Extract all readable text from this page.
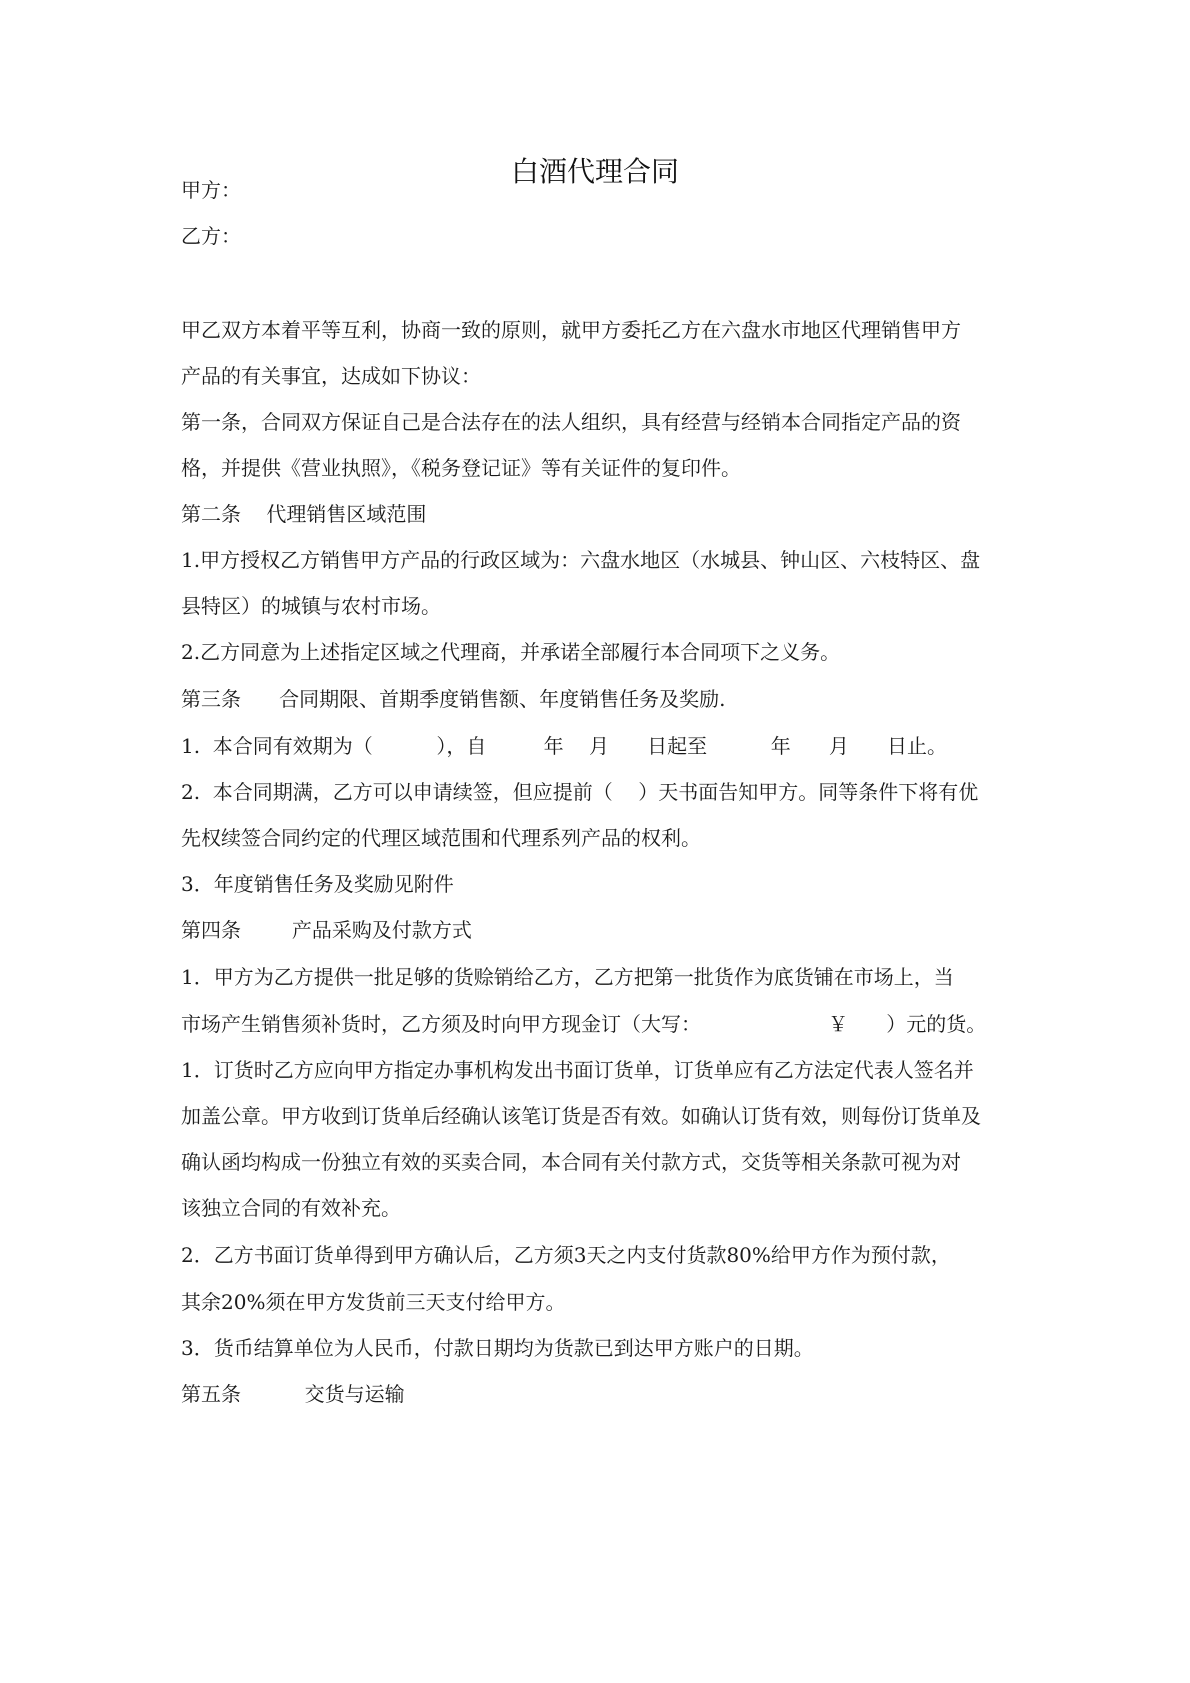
白酒代理合同
甲方：
乙方：
甲乙双方本着平等互利，协商一致的原则，就甲方委托乙方在六盘水市地区代理销售甲方
产品的有关事宜，达成如下协议：
第一条，合同双方保证自己是合法存在的法人组织，具有经营与经销本合同指定产品的资
格，并提供《营业执照》，《税务登记证》等有关证件的复印件。
第二条    代理销售区域范围
1.甲方授权乙方销售甲方产品的行政区域为：六盘水地区（水城县、钟山区、六枝特区、盘
县特区）的城镇与农村市场。
2.乙方同意为上述指定区域之代理商，并承诺全部履行本合同项下之义务。
第三条      合同期限、首期季度销售额、年度销售任务及奖励.
1.  本合同有效期为（          ），自         年    月      日起至          年      月      日止。
2.  本合同期满，乙方可以申请续签，但应提前（    ）天书面告知甲方。同等条件下将有优
先权续签合同约定的代理区域范围和代理系列产品的权利。
3．年度销售任务及奖励见附件
第四条        产品采购及付款方式
1．甲方为乙方提供一批足够的货赊销给乙方，乙方把第一批货作为底货铺在市场上，当
市场产生销售须补货时，乙方须及时向甲方现金订（大写：                    ￥      ）元的货。
1．订货时乙方应向甲方指定办事机构发出书面订货单，订货单应有乙方法定代表人签名并
加盖公章。甲方收到订货单后经确认该笔订货是否有效。如确认订货有效，则每份订货单及
确认函均构成一份独立有效的买卖合同，本合同有关付款方式，交货等相关条款可视为对
该独立合同的有效补充。
2．乙方书面订货单得到甲方确认后，乙方须3天之内支付货款80%给甲方作为预付款，
其余20%须在甲方发货前三天支付给甲方。
3．货币结算单位为人民币，付款日期均为货款已到达甲方账户的日期。
第五条          交货与运输
